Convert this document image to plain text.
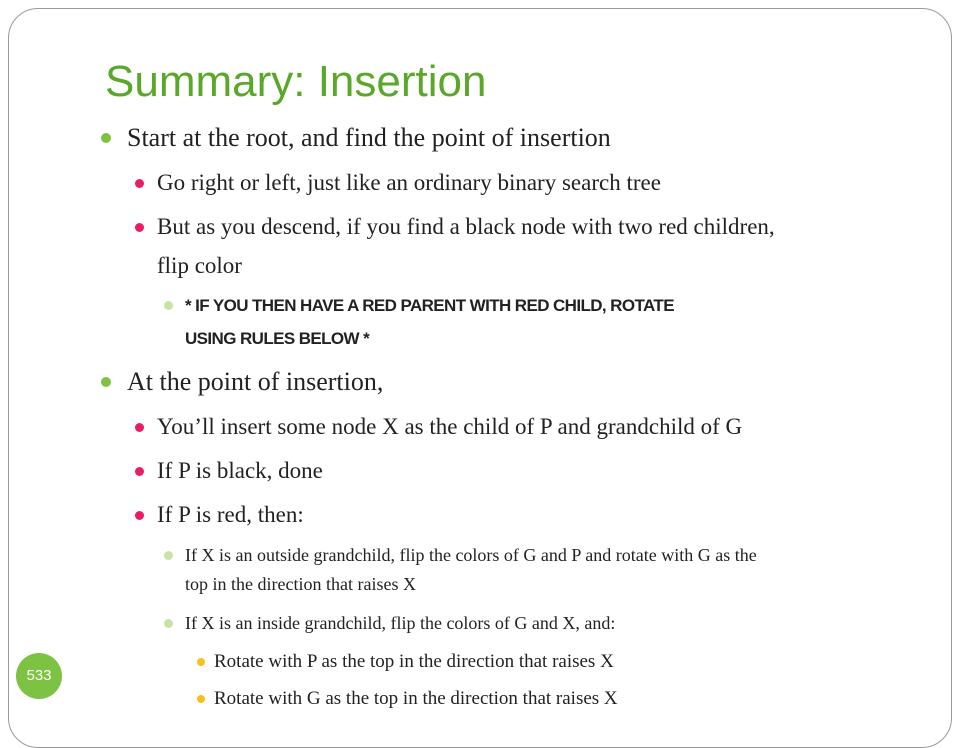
Summary: Insertion
Start at the root, and find the point of insertion
Go right or left, just like an ordinary binary search tree
But as you descend, if you find a black node with two red children,
flip color
* IF YOU THEN HAVE A RED PARENT WITH RED CHILD, ROTATE
USING RULES BELOW *
At the point of insertion,
You’ll insert some node X as the child of P and grandchild of G
If P is black, done
If P is red, then:
If X is an outside grandchild, flip the colors of G and P and rotate with G as the
top in the direction that raises X
If X is an inside grandchild, flip the colors of G and X, and:
Rotate with P as the top in the direction that raises X
Rotate with G as the top in the direction that raises X
533
